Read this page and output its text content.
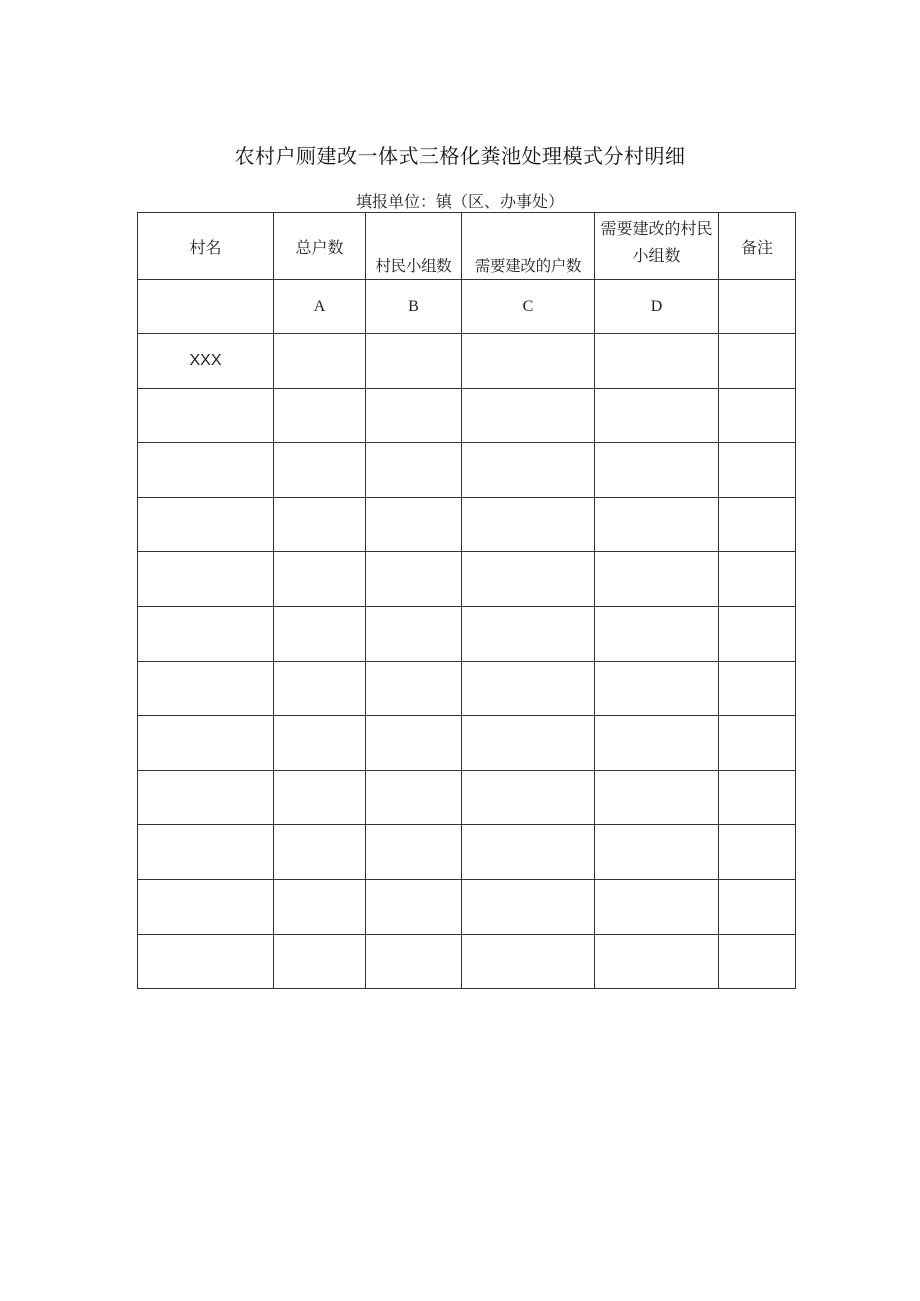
农村户厕建改一体式三格化粪池处理模式分村明细
填报单位：镇（区、办事处）
村名	总户数	村民小组数	需要建改的户数	需要建改的村民小组数	备注
	A	B	C	D	
XXX					
